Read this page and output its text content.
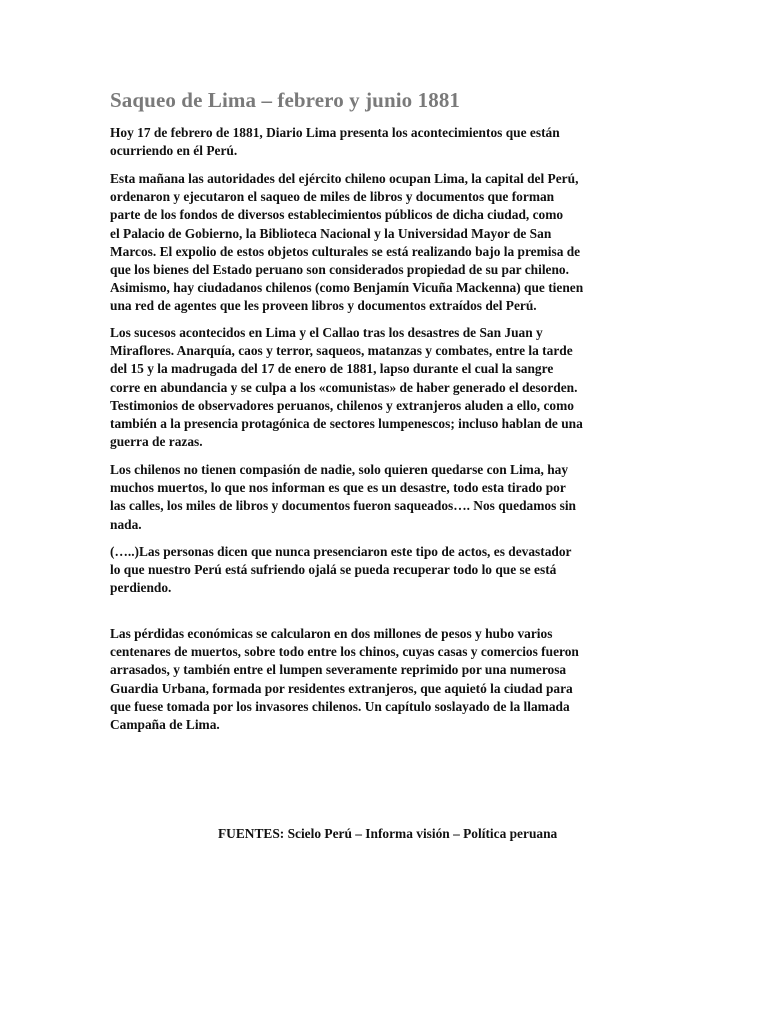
Saqueo de Lima – febrero y junio 1881

Hoy 17 de febrero de 1881, Diario Lima presenta los acontecimientos que están
ocurriendo en él Perú.

Esta mañana las autoridades del ejército chileno ocupan Lima, la capital del Perú,
ordenaron y ejecutaron el saqueo de miles de libros y documentos que forman
parte de los fondos de diversos establecimientos públicos de dicha ciudad, como
el Palacio de Gobierno, la Biblioteca Nacional y la Universidad Mayor de San
Marcos. El expolio de estos objetos culturales se está realizando bajo la premisa de
que los bienes del Estado peruano son considerados propiedad de su par chileno.
Asimismo, hay ciudadanos chilenos (como Benjamín Vicuña Mackenna) que tienen
una red de agentes que les proveen libros y documentos extraídos del Perú.

Los sucesos acontecidos en Lima y el Callao tras los desastres de San Juan y
Miraflores. Anarquía, caos y terror, saqueos, matanzas y combates, entre la tarde
del 15 y la madrugada del 17 de enero de 1881, lapso durante el cual la sangre
corre en abundancia y se culpa a los «comunistas» de haber generado el desorden.
Testimonios de observadores peruanos, chilenos y extranjeros aluden a ello, como
también a la presencia protagónica de sectores lumpenescos; incluso hablan de una
guerra de razas.

Los chilenos no tienen compasión de nadie, solo quieren quedarse con Lima, hay
muchos muertos, lo que nos informan es que es un desastre, todo esta tirado por
las calles, los miles de libros y documentos fueron saqueados…. Nos quedamos sin
nada.

(…..)Las personas dicen que nunca presenciaron este tipo de actos, es devastador
lo que nuestro Perú está sufriendo ojalá se pueda recuperar todo lo que se está
perdiendo.

Las pérdidas económicas se calcularon en dos millones de pesos y hubo varios
centenares de muertos, sobre todo entre los chinos, cuyas casas y comercios fueron
arrasados, y también entre el lumpen severamente reprimido por una numerosa
Guardia Urbana, formada por residentes extranjeros, que aquietó la ciudad para
que fuese tomada por los invasores chilenos. Un capítulo soslayado de la llamada
Campaña de Lima.

FUENTES: Scielo Perú – Informa visión – Política peruana
